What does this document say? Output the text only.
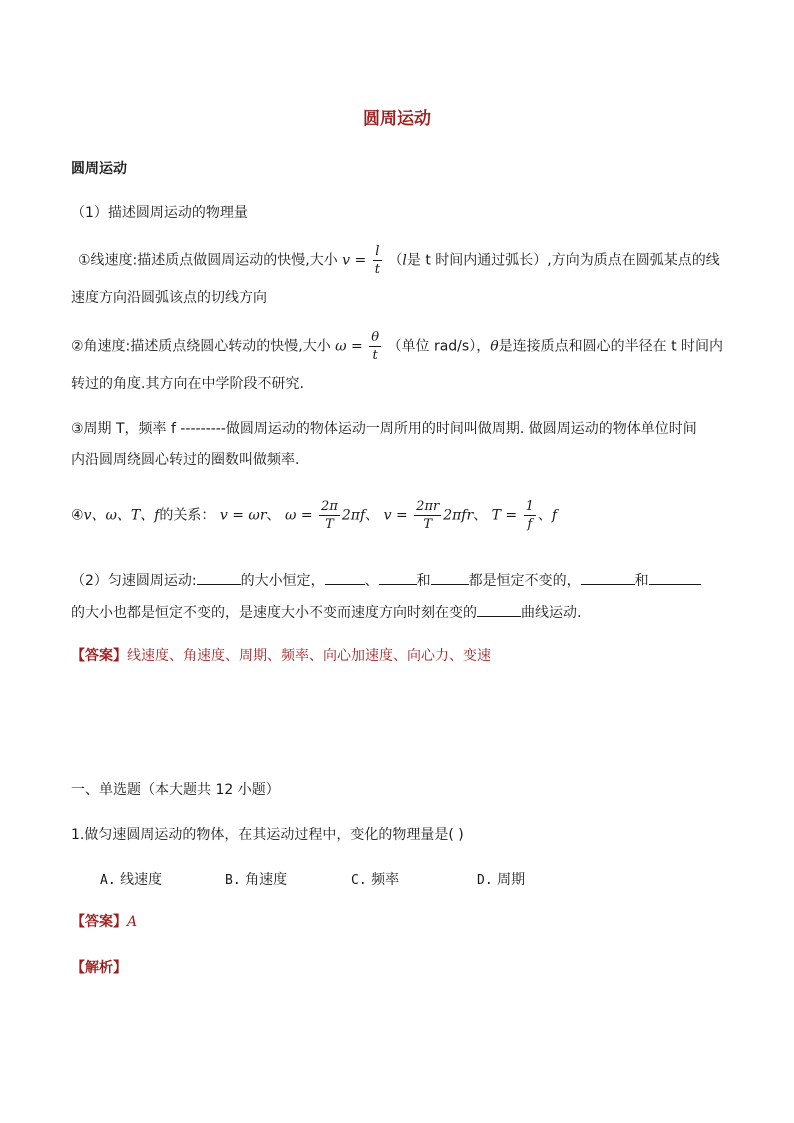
圆周运动
圆周运动
（1）描述圆周运动的物理量
①线速度:描述质点做圆周运动的快慢,大小 $v = \frac{l}{t} (l$是 t 时间内通过弧长）,方向为质点在圆弧某点的线
速度方向沿圆弧该点的切线方向
②角速度:描述质点绕圆心转动的快慢,大小 $\omega = \frac{\theta}{t}$ （单位 rad/s），θ是连接质点和圆心的半径在 t 时间内
转过的角度.其方向在中学阶段不研究.
③周期 T，频率 f ---------做圆周运动的物体运动一周所用的时间叫做周期. 做圆周运动的物体单位时间
内沿圆周绕圆心转过的圈数叫做频率.
④v、ω、T、f的关系： v = ωr、 $\omega = \frac{2\pi}{T} 2\pi f$、 $v = \frac{2\pi r}{T} 2\pi fr$、 $T = \frac{1}{f}$ 、f
（2）匀速圆周运动:	的大小恒定，	、	和	都是恒定不变的，	和
的大小也都是恒定不变的，是速度大小不变而速度方向时刻在变的	曲线运动.
【答案】线速度、角速度、周期、频率、向心加速度、向心力、变速
一、单选题（本大题共 12 小题）
1.做匀速圆周运动的物体，在其运动过程中，变化的物理量是( )
A. 线速度	B. 角速度	C. 频率	D. 周期
【答案】A
【解析】
